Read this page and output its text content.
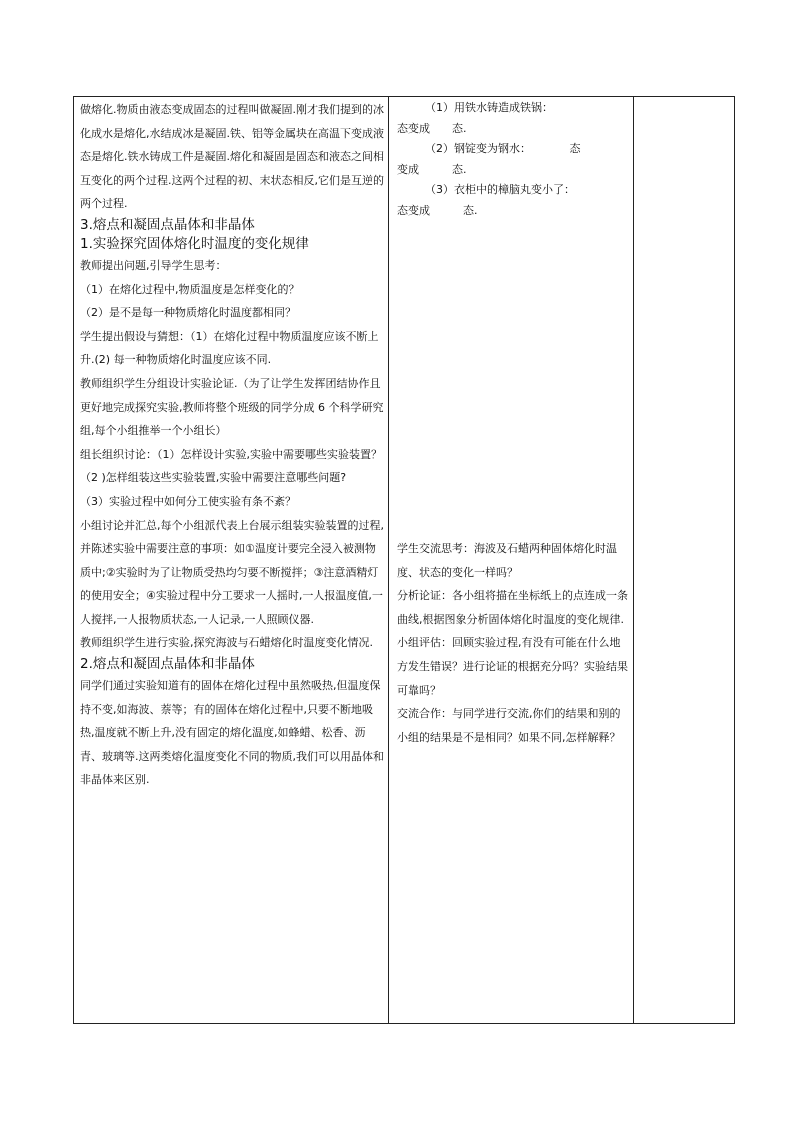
做熔化.物质由液态变成固态的过程叫做凝固.刚才我们提到的冰化成水是熔化,水结成冰是凝固.铁、铝等金属块在高温下变成液态是熔化.铁水铸成工件是凝固.熔化和凝固是固态和液态之间相互变化的两个过程.这两个过程的初、末状态相反,它们是互逆的两个过程.

3.熔点和凝固点晶体和非晶体

1.实验探究固体熔化时温度的变化规律

教师提出问题,引导学生思考：

（1）在熔化过程中,物质温度是怎样变化的？

（2）是不是每一种物质熔化时温度都相同？

学生提出假设与猜想：（1）在熔化过程中物质温度应该不断上升.(2) 每一种物质熔化时温度应该不同.

教师组织学生分组设计实验论证.（为了让学生发挥团结协作且更好地完成探究实验,教师将整个班级的同学分成 6 个科学研究组,每个小组推举一个小组长）

组长组织讨论：（1）怎样设计实验,实验中需要哪些实验装置？

（2 )怎样组装这些实验装置,实验中需要注意哪些问题?

（3）实验过程中如何分工使实验有条不紊？

小组讨论并汇总,每个小组派代表上台展示组装实验装置的过程,并陈述实验中需要注意的事项：如①温度计要完全浸入被测物质中;②实验时为了让物质受热均匀要不断搅拌；③注意酒精灯的使用安全；④实验过程中分工要求一人摇时,一人报温度值,一人搅拌,一人报物质状态,一人记录,一人照顾仪器.

教师组织学生进行实验,探究海波与石蜡熔化时温度变化情况.

2.熔点和凝固点晶体和非晶体

同学们通过实验知道有的固体在熔化过程中虽然吸热,但温度保持不变,如海波、萘等；有的固体在熔化过程中,只要不断地吸热,温度就不断上升,没有固定的熔化温度,如蜂蜡、松香、沥青、玻璃等.这两类熔化温度变化不同的物质,我们可以用晶体和非晶体来区别.

（1）用铁水铸造成铁锅：

态变成　　态.

（2）钢锭变为钢水：　　　　态

变成　　　态.

（3）衣柜中的樟脑丸变小了：

态变成　　　态.

学生交流思考：海波及石蜡两种固体熔化时温度、状态的变化一样吗？

分析论证：各小组将描在坐标纸上的点连成一条曲线,根据图象分析固体熔化时温度的变化规律.

小组评估：回顾实验过程,有没有可能在什么地方发生错误？进行论证的根据充分吗？实验结果可靠吗？

交流合作：与同学进行交流,你们的结果和别的小组的结果是不是相同？如果不同,怎样解释？
